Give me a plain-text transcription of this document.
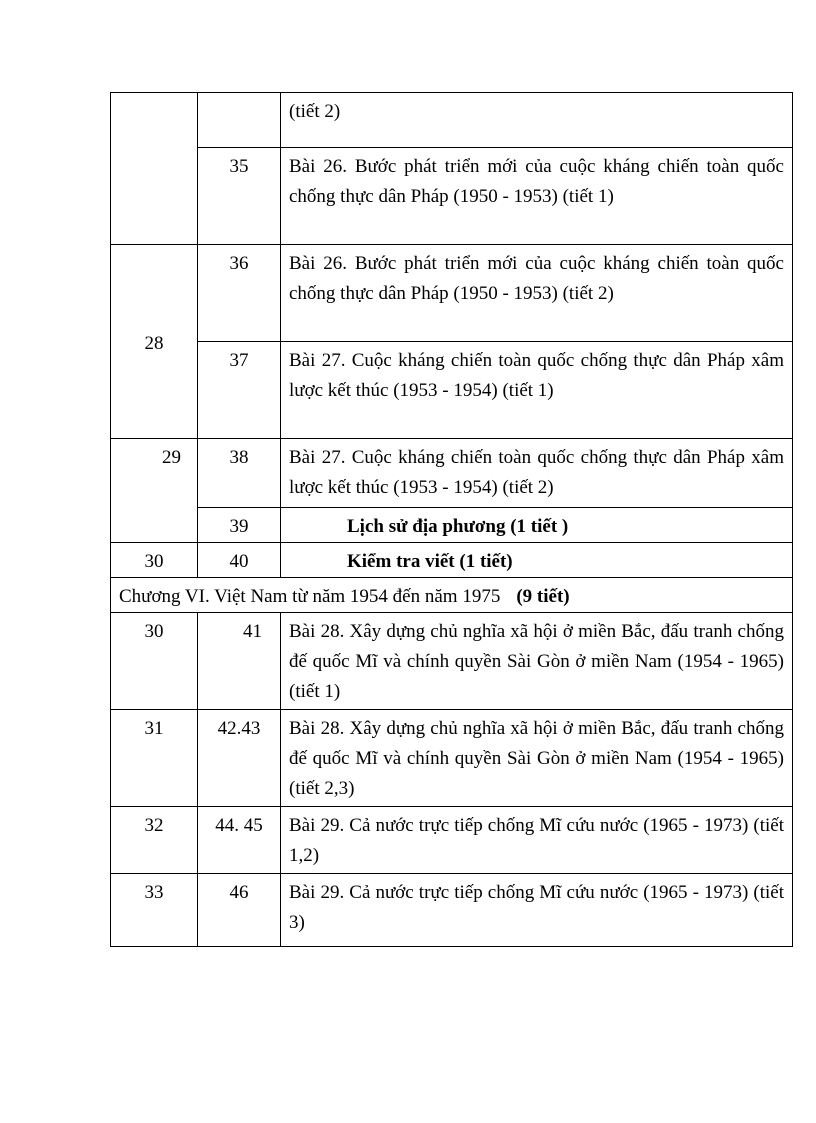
		(tiết 2)
	35	Bài 26. Bước phát triển mới của cuộc kháng chiến toàn quốc chống thực dân Pháp (1950 - 1953) (tiết 1)
28	36	Bài 26. Bước phát triển mới của cuộc kháng chiến toàn quốc chống thực dân Pháp (1950 - 1953) (tiết 2)
	37	Bài 27. Cuộc kháng chiến toàn quốc chống thực dân Pháp xâm lược kết thúc (1953 - 1954) (tiết 1)
29	38	Bài 27. Cuộc kháng chiến toàn quốc chống thực dân Pháp xâm lược kết thúc (1953 - 1954) (tiết 2)
	39	Lịch sử địa phương (1 tiết )
30	40	Kiểm tra viết (1 tiết)
Chương VI. Việt Nam từ năm 1954 đến năm 1975 (9 tiết)		
30	41	Bài 28. Xây dựng chủ nghĩa xã hội ở miền Bắc, đấu tranh chống đế quốc Mĩ và chính quyền Sài Gòn ở miền Nam (1954 - 1965) (tiết 1)
31	42.43	Bài 28. Xây dựng chủ nghĩa xã hội ở miền Bắc, đấu tranh chống đế quốc Mĩ và chính quyền Sài Gòn ở miền Nam (1954 - 1965) (tiết 2,3)
32	44. 45	Bài 29. Cả nước trực tiếp chống Mĩ cứu nước (1965 - 1973) (tiết 1,2)
33	46	Bài 29. Cả nước trực tiếp chống Mĩ cứu nước (1965 - 1973) (tiết 3)
